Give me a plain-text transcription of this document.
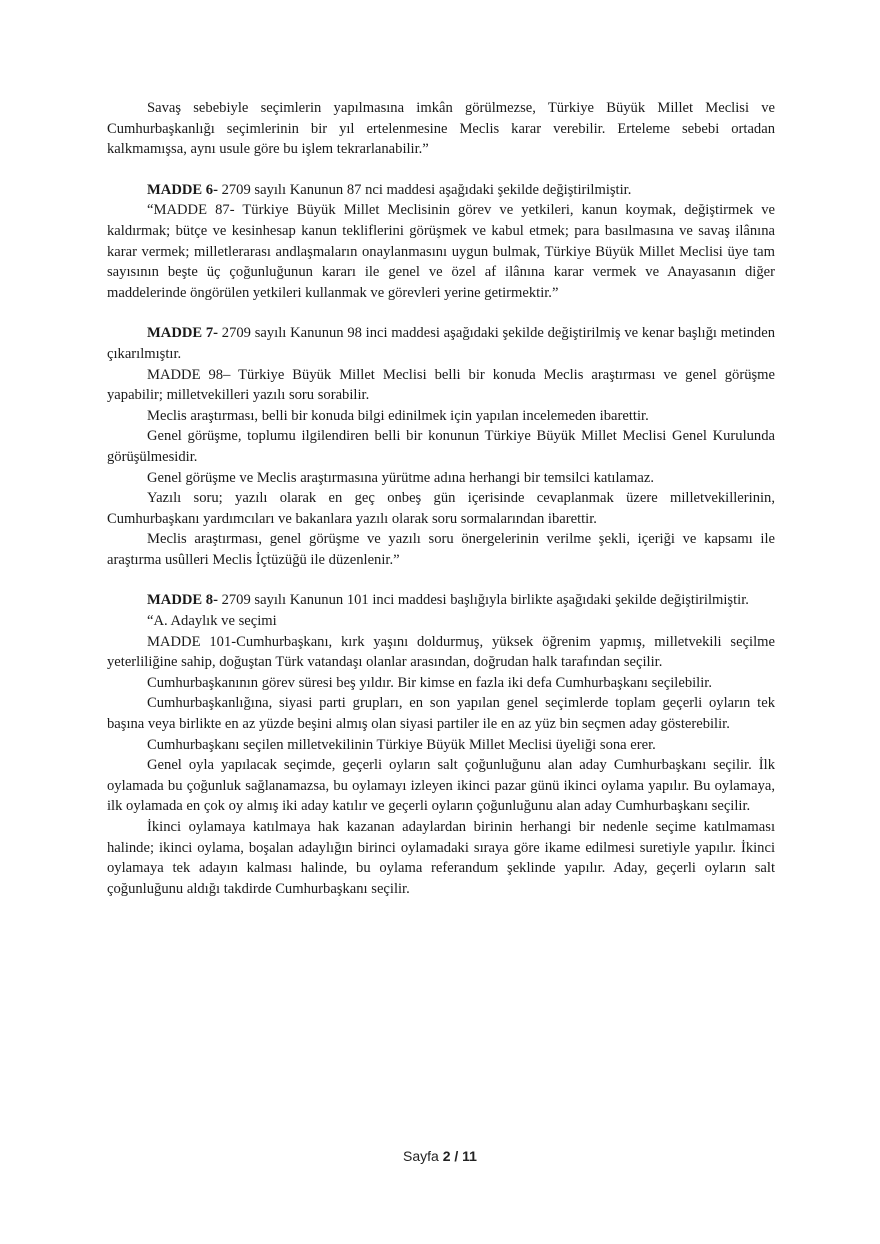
Savaş sebebiyle seçimlerin yapılmasına imkân görülmezse, Türkiye Büyük Millet Meclisi ve Cumhurbaşkanlığı seçimlerinin bir yıl ertelenmesine Meclis karar verebilir. Erteleme sebebi ortadan kalkmamışsa, aynı usule göre bu işlem tekrarlanabilir.”

MADDE 6- 2709 sayılı Kanunun 87 nci maddesi aşağıdaki şekilde değiştirilmiştir.

“MADDE 87- Türkiye Büyük Millet Meclisinin görev ve yetkileri, kanun koymak, değiştirmek ve kaldırmak; bütçe ve kesinhesap kanun tekliflerini görüşmek ve kabul etmek; para basılmasına ve savaş ilânına karar vermek; milletlerarası andlaşmaların onaylanmasını uygun bulmak, Türkiye Büyük Millet Meclisi üye tam sayısının beşte üç çoğunluğunun kararı ile genel ve özel af ilânına karar vermek ve Anayasanın diğer maddelerinde öngörülen yetkileri kullanmak ve görevleri yerine getirmektir.”

MADDE 7- 2709 sayılı Kanunun 98 inci maddesi aşağıdaki şekilde değiştirilmiş ve kenar başlığı metinden çıkarılmıştır.

MADDE 98– Türkiye Büyük Millet Meclisi belli bir konuda Meclis araştırması ve genel görüşme yapabilir; milletvekilleri yazılı soru sorabilir.

Meclis araştırması, belli bir konuda bilgi edinilmek için yapılan incelemeden ibarettir.

Genel görüşme, toplumu ilgilendiren belli bir konunun Türkiye Büyük Millet Meclisi Genel Kurulunda görüşülmesidir.

Genel görüşme ve Meclis araştırmasına yürütme adına herhangi bir temsilci katılamaz.

Yazılı soru; yazılı olarak en geç onbeş gün içerisinde cevaplanmak üzere milletvekillerinin, Cumhurbaşkanı yardımcıları ve bakanlara yazılı olarak soru sormalarından ibarettir.

Meclis araştırması, genel görüşme ve yazılı soru önergelerinin verilme şekli, içeriği ve kapsamı ile araştırma usûlleri Meclis İçtüzüğü ile düzenlenir.”

MADDE 8- 2709 sayılı Kanunun 101 inci maddesi başlığıyla birlikte aşağıdaki şekilde değiştirilmiştir.

“A. Adaylık ve seçimi

MADDE 101-Cumhurbaşkanı, kırk yaşını doldurmuş, yüksek öğrenim yapmış, milletvekili seçilme yeterliliğine sahip, doğuştan Türk vatandaşı olanlar arasından, doğrudan halk tarafından seçilir.

Cumhurbaşkanının görev süresi beş yıldır. Bir kimse en fazla iki defa Cumhurbaşkanı seçilebilir.

Cumhurbaşkanlığına, siyasi parti grupları, en son yapılan genel seçimlerde toplam geçerli oyların tek başına veya birlikte en az yüzde beşini almış olan siyasi partiler ile en az yüz bin seçmen aday gösterebilir.

Cumhurbaşkanı seçilen milletvekilinin Türkiye Büyük Millet Meclisi üyeliği sona erer.

Genel oyla yapılacak seçimde, geçerli oyların salt çoğunluğunu alan aday Cumhurbaşkanı seçilir. İlk oylamada bu çoğunluk sağlanamazsa, bu oylamayı izleyen ikinci pazar günü ikinci oylama yapılır. Bu oylamaya, ilk oylamada en çok oy almış iki aday katılır ve geçerli oyların çoğunluğunu alan aday Cumhurbaşkanı seçilir.

İkinci oylamaya katılmaya hak kazanan adaylardan birinin herhangi bir nedenle seçime katılmaması halinde; ikinci oylama, boşalan adaylığın birinci oylamadaki sıraya göre ikame edilmesi suretiyle yapılır. İkinci oylamaya tek adayın kalması halinde, bu oylama referandum şeklinde yapılır. Aday, geçerli oyların salt çoğunluğunu aldığı takdirde Cumhurbaşkanı seçilir.

Sayfa 2 / 11
